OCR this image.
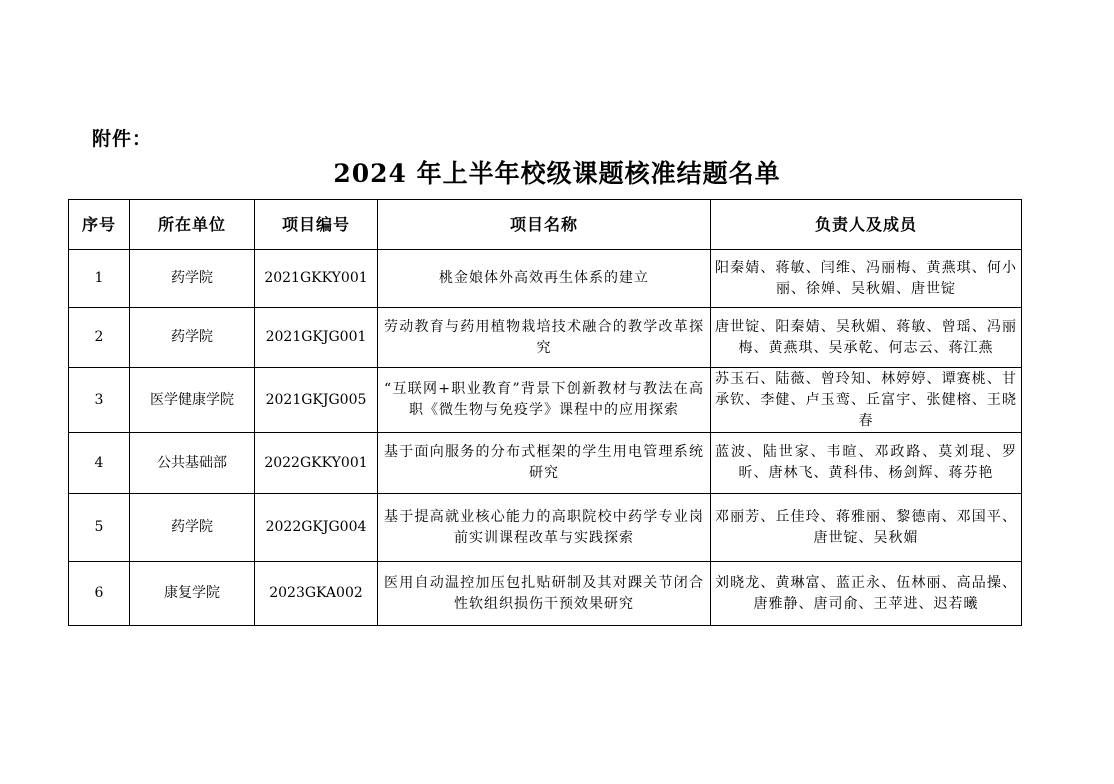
附件：
2024 年上半年校级课题核准结题名单
序号	所在单位	项目编号	项目名称	负责人及成员
1	药学院	2021GKKY001	桃金娘体外高效再生体系的建立	阳秦婧、蒋敏、闫维、冯丽梅、黄燕琪、何小丽、徐婵、吴秋媚、唐世锭
2	药学院	2021GKJG001	劳动教育与药用植物栽培技术融合的教学改革探究	唐世锭、阳秦婧、吴秋媚、蒋敏、曾瑶、冯丽梅、黄燕琪、吴承乾、何志云、蒋江燕
3	医学健康学院	2021GKJG005	“互联网+职业教育”背景下创新教材与教法在高职《微生物与免疫学》课程中的应用探索	苏玉石、陆薇、曾玲知、林婷婷、谭赛桃、甘承钦、李健、卢玉鸾、丘富宇、张健榕、王晓春
4	公共基础部	2022GKKY001	基于面向服务的分布式框架的学生用电管理系统研究	蓝波、陆世家、韦暄、邓政路、莫刘琨、罗昕、唐林飞、黄科伟、杨剑辉、蒋芬艳
5	药学院	2022GKJG004	基于提高就业核心能力的高职院校中药学专业岗前实训课程改革与实践探索	邓丽芳、丘佳玲、蒋雅丽、黎德南、邓国平、唐世锭、吴秋媚
6	康复学院	2023GKA002	医用自动温控加压包扎贴研制及其对踝关节闭合性软组织损伤干预效果研究	刘晓龙、黄琳富、蓝正永、伍林丽、高品操、唐雅静、唐司俞、王苹进、迟若曦
